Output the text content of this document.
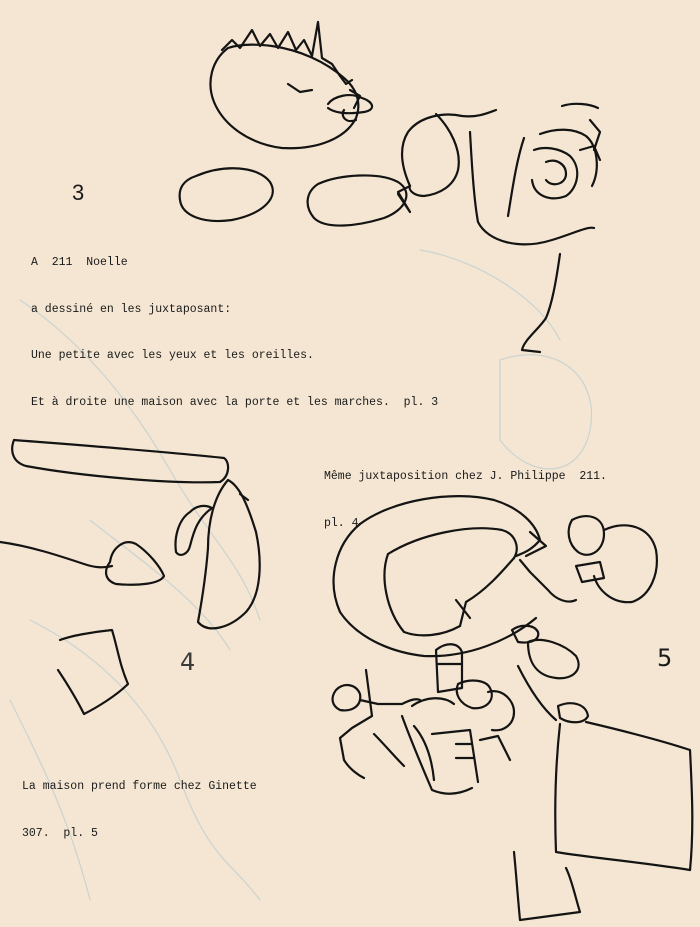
4	5
3

A  211  Noelle

a dessiné en les juxtaposant:

Une petite avec les yeux et les oreilles.

Et à droite une maison avec la porte et les marches.  pl. 3

Même juxtaposition chez J. Philippe  211.

pl. 4

La maison prend forme chez Ginette

307.  pl. 5
